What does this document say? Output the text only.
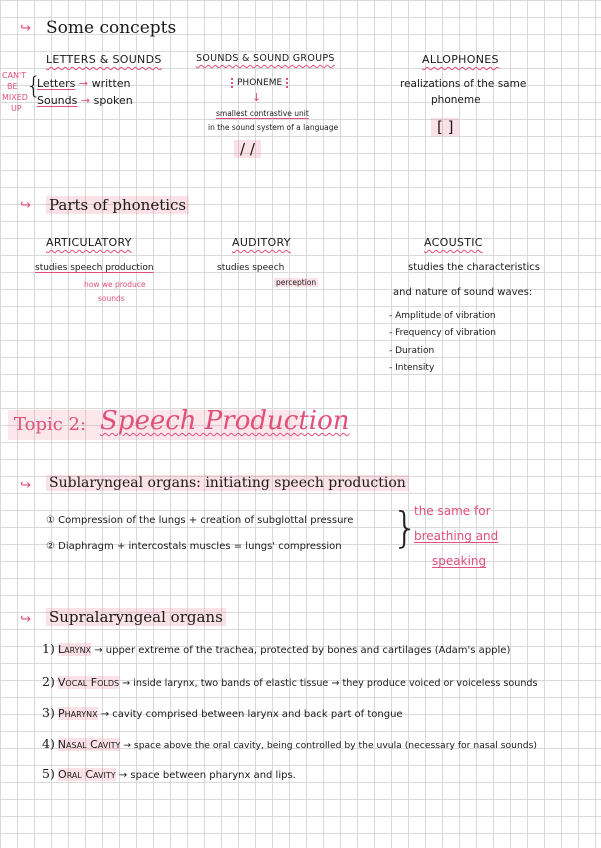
↪ Some concepts
LETTERS & SOUNDS
CAN'T
BE
MIXED
UP
{
Letters → written
Sounds → spoken
SOUNDS & SOUND GROUPS
PHONEME
↓
smallest contrastive unit
in the sound system of a language
/ /
ALLOPHONES
realizations of the same
phoneme
[ ]
↪ Parts of phonetics
ARTICULATORY
studies speech production
how we produce
sounds
AUDITORY
studies speech
perception
ACOUSTIC
studies the characteristics
and nature of sound waves:
- Amplitude of vibration
- Frequency of vibration
- Duration
- Intensity
Topic 2: Speech Production
↪ Sublaryngeal organs: initiating speech production
① Compression of the lungs + creation of subglottal pressure
② Diaphragm + intercostals muscles = lungs' compression }
the same for
breathing and
speaking
↪ Supralaryngeal organs
1) Larynx → upper extreme of the trachea, protected by bones and cartilages (Adam's apple)
2) Vocal Folds → inside larynx, two bands of elastic tissue → they produce voiced or voiceless sounds
3) Pharynx → cavity comprised between larynx and back part of tongue
4) Nasal Cavity → space above the oral cavity, being controlled by the uvula (necessary for nasal sounds)
5) Oral Cavity → space between pharynx and lips.
